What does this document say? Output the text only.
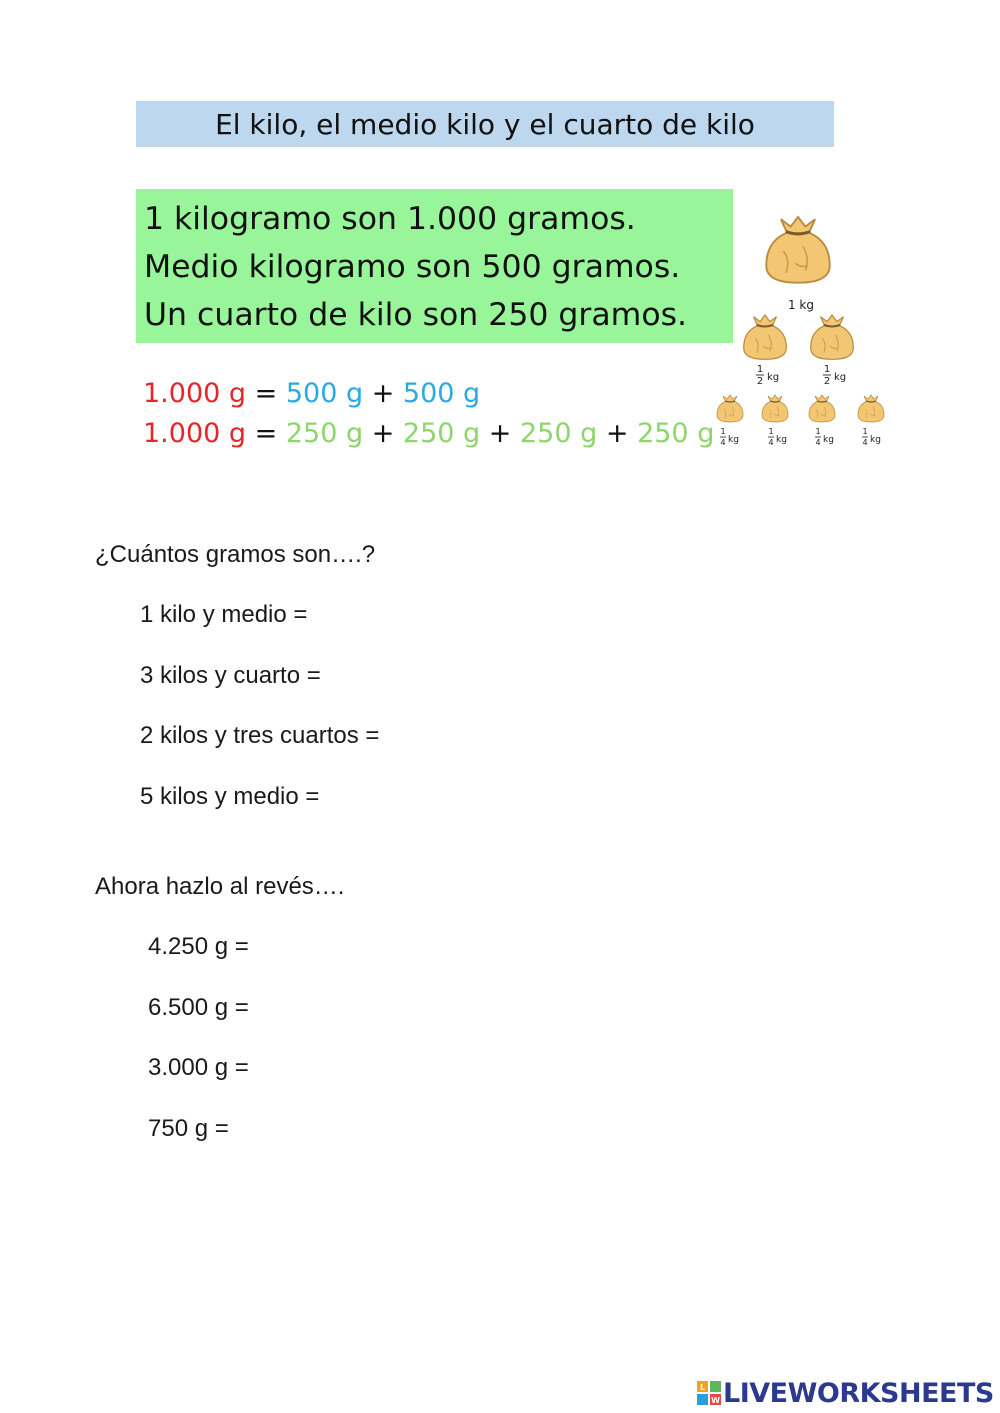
El kilo, el medio kilo y el cuarto de kilo
1 kilogramo son 1.000 gramos.
Medio kilogramo son 500 gramos.
Un cuarto de kilo son 250 gramos.
1.000 g = 500 g + 500 g
1.000 g = 250 g + 250 g + 250 g + 250 g
1 kg
1
2 kg
1
2 kg
1
4 kg
1
4 kg
1
4 kg
1
4 kg
¿Cuántos gramos son….?
1 kilo y medio =
3 kilos y cuarto =
2 kilos y tres cuartos =
5 kilos y medio =
Ahora hazlo al revés….
4.250 g =
6.500 g =
3.000 g =
750 g =
L
W LIVEWORKSHEETS
